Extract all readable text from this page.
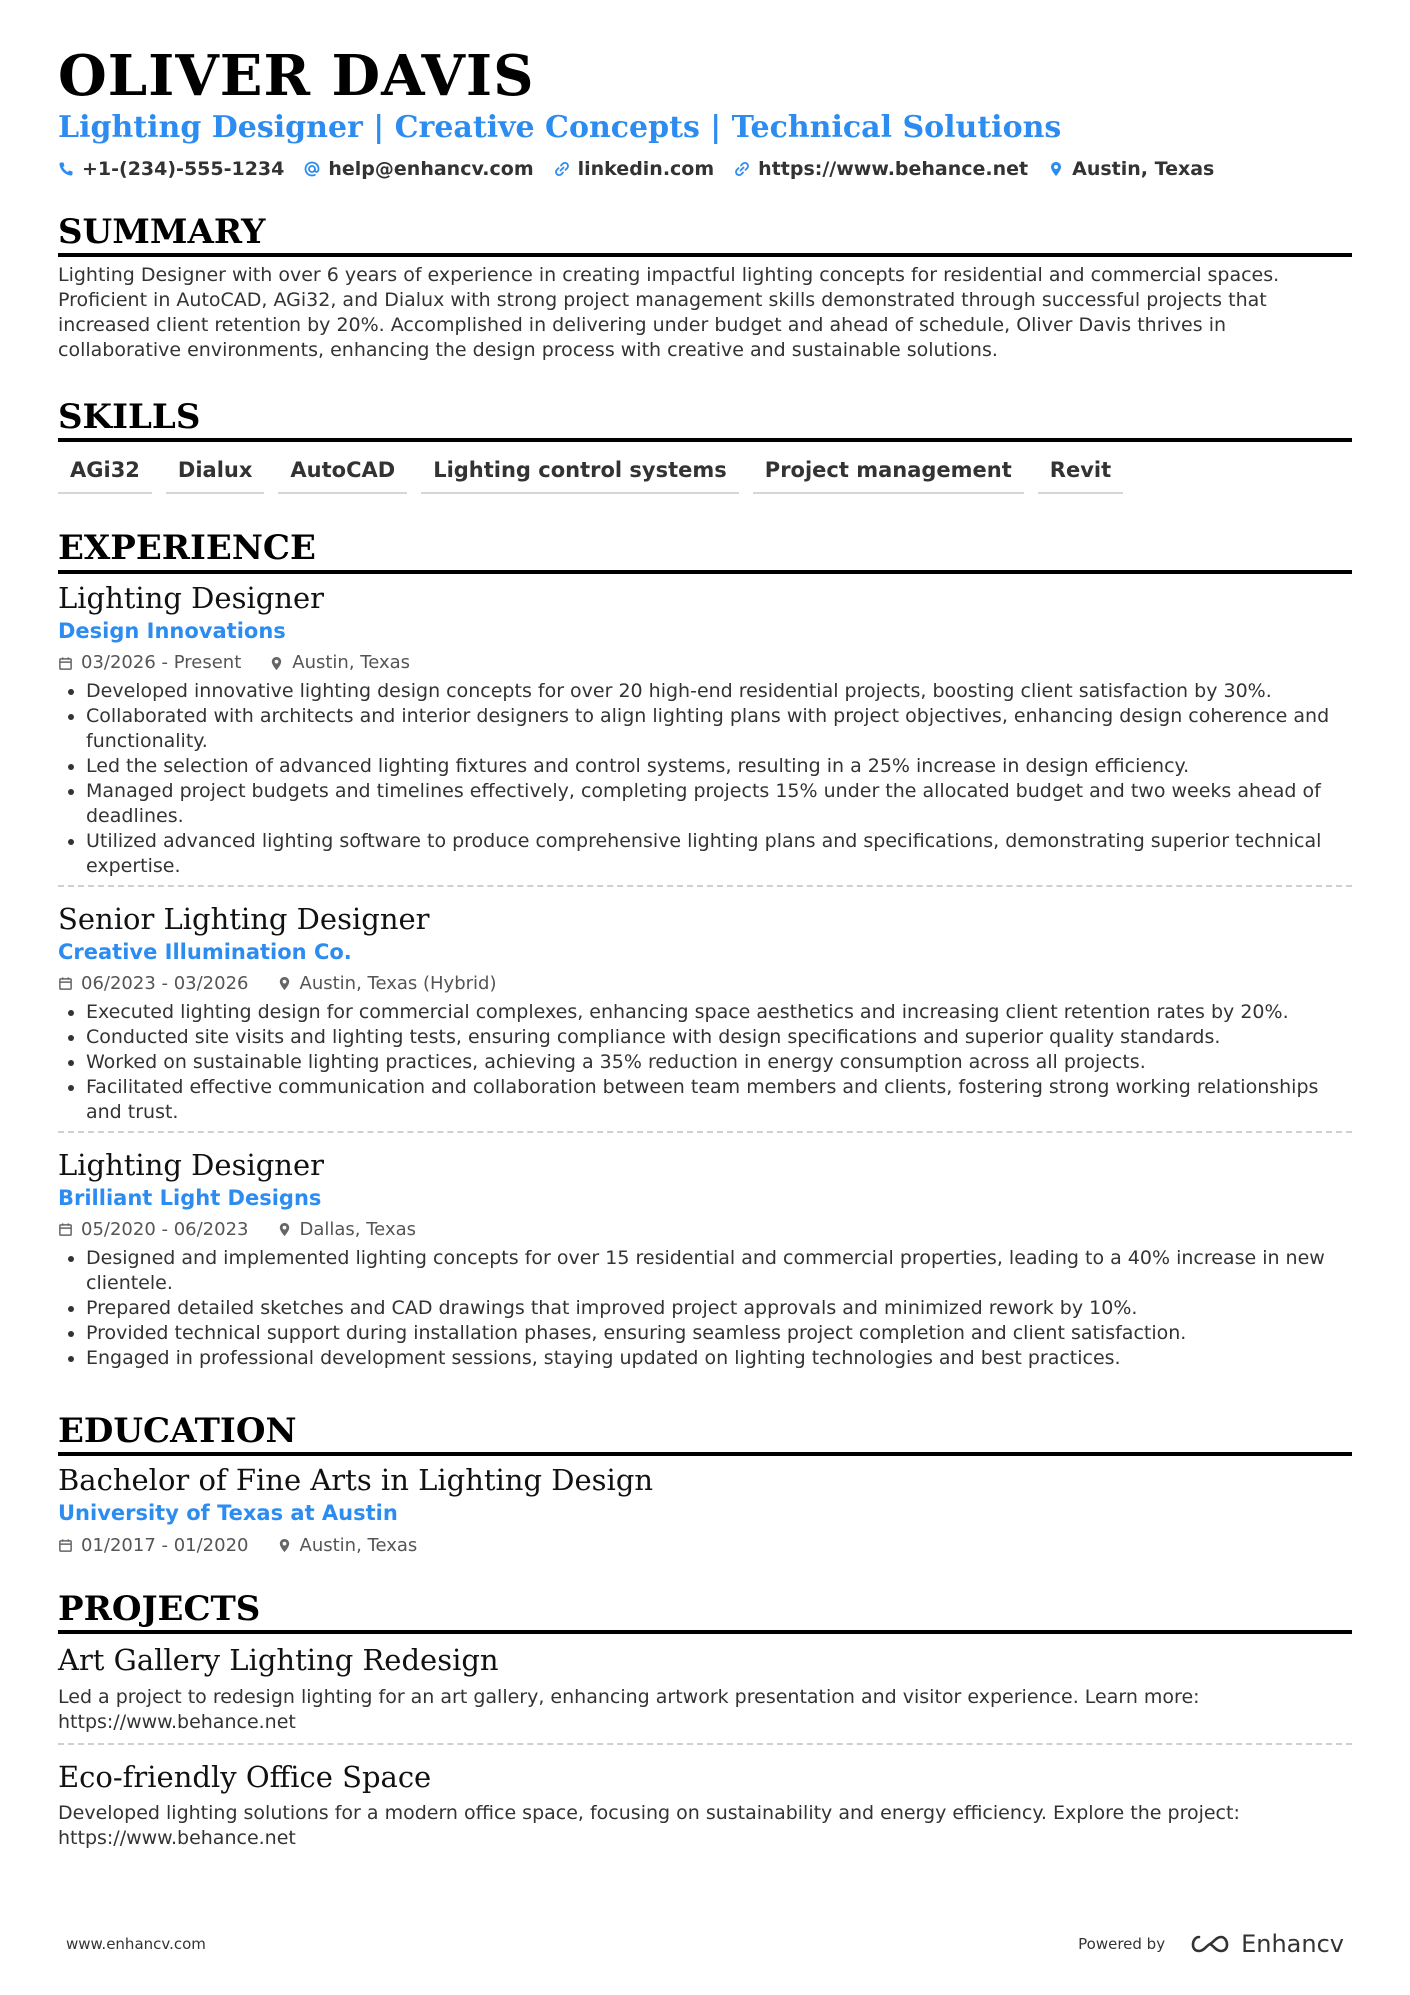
OLIVER DAVIS
Lighting Designer | Creative Concepts | Technical Solutions
+1-(234)-555-1234 help@enhancv.com linkedin.com https://www.behance.net Austin, Texas
SUMMARY
Lighting Designer with over 6 years of experience in creating impactful lighting concepts for residential and commercial spaces. Proficient in AutoCAD, AGi32, and Dialux with strong project management skills demonstrated through successful projects that increased client retention by 20%. Accomplished in delivering under budget and ahead of schedule, Oliver Davis thrives in collaborative environments, enhancing the design process with creative and sustainable solutions.
SKILLS
AGi32	Dialux	AutoCAD	Lighting control systems	Project management	Revit
EXPERIENCE
Lighting Designer
Design Innovations
03/2026 - Present	Austin, Texas
• Developed innovative lighting design concepts for over 20 high-end residential projects, boosting client satisfaction by 30%.
• Collaborated with architects and interior designers to align lighting plans with project objectives, enhancing design coherence and functionality.
• Led the selection of advanced lighting fixtures and control systems, resulting in a 25% increase in design efficiency.
• Managed project budgets and timelines effectively, completing projects 15% under the allocated budget and two weeks ahead of deadlines.
• Utilized advanced lighting software to produce comprehensive lighting plans and specifications, demonstrating superior technical expertise.
Senior Lighting Designer
Creative Illumination Co.
06/2023 - 03/2026	Austin, Texas (Hybrid)
• Executed lighting design for commercial complexes, enhancing space aesthetics and increasing client retention rates by 20%.
• Conducted site visits and lighting tests, ensuring compliance with design specifications and superior quality standards.
• Worked on sustainable lighting practices, achieving a 35% reduction in energy consumption across all projects.
• Facilitated effective communication and collaboration between team members and clients, fostering strong working relationships and trust.
Lighting Designer
Brilliant Light Designs
05/2020 - 06/2023	Dallas, Texas
• Designed and implemented lighting concepts for over 15 residential and commercial properties, leading to a 40% increase in new clientele.
• Prepared detailed sketches and CAD drawings that improved project approvals and minimized rework by 10%.
• Provided technical support during installation phases, ensuring seamless project completion and client satisfaction.
• Engaged in professional development sessions, staying updated on lighting technologies and best practices.
EDUCATION
Bachelor of Fine Arts in Lighting Design
University of Texas at Austin
01/2017 - 01/2020	Austin, Texas
PROJECTS
Art Gallery Lighting Redesign
Led a project to redesign lighting for an art gallery, enhancing artwork presentation and visitor experience. Learn more: https://www.behance.net
Eco-friendly Office Space
Developed lighting solutions for a modern office space, focusing on sustainability and energy efficiency. Explore the project: https://www.behance.net
www.enhancv.com	Powered by	Enhancv
